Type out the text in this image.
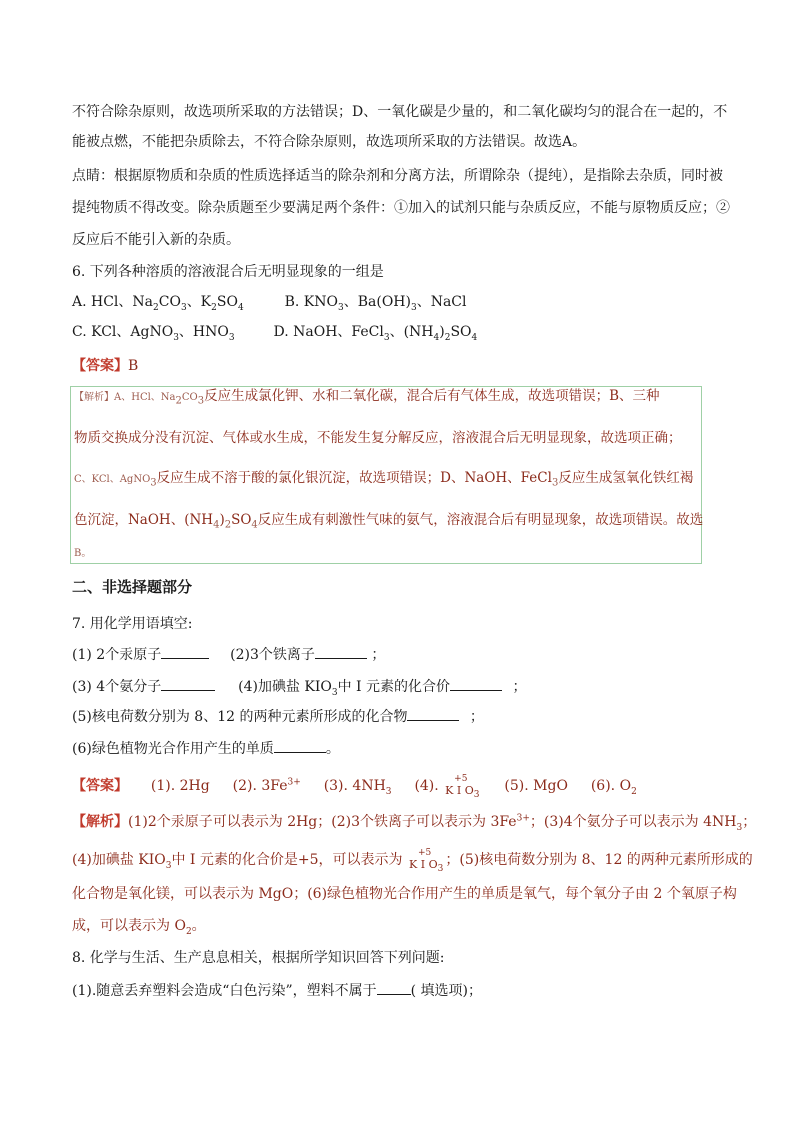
不符合除杂原则，故选项所采取的方法错误；D、一氧化碳是少量的，和二氧化碳均匀的混合在一起的，不
能被点燃，不能把杂质除去，不符合除杂原则，故选项所采取的方法错误。故选A。
点睛：根据原物质和杂质的性质选择适当的除杂剂和分离方法，所谓除杂（提纯），是指除去杂质，同时被
提纯物质不得改变。除杂质题至少要满足两个条件：①加入的试剂只能与杂质反应，不能与原物质反应；②
反应后不能引入新的杂质。
6. 下列各种溶质的溶液混合后无明显现象的一组是
A. HCl、$Na_2CO_3$、$K_2SO_4$	B. $KNO_3$、$Ba(OH)_3$、NaCl
C. KCl、AgNO$_3$、$HNO_3$	D. NaOH、FeCl$_3$、$(NH_4)_2SO_4$
【答案】B
【解析】A、HCl、$Na_2CO_3$反应生成氯化钾、水和二氧化碳，混合后有气体生成，故选项错误；B、三种
物质交换成分没有沉淀、气体或水生成，不能发生复分解反应，溶液混合后无明显现象，故选项正确；
C、KCl、AgNO$_3$反应生成不溶于酸的氯化银沉淀，故选项错误；D、NaOH、FeCl$_3$反应生成氢氧化铁红褐
色沉淀，NaOH、$(NH_4)_2SO_4$反应生成有刺激性气味的氨气，溶液混合后有明显现象，故选项错误。故选
B。
二、非选择题部分
7. 用化学用语填空:
(1) 2个汞原子	(2)3个铁离子	；
(3) 4个氨分子	(4)加碘盐 $KIO_3$中 I 元素的化合价	；
(5)核电荷数分别为 8、12 的两种元素所形成的化合物	；
(6)绿色植物光合作用产生的单质	。
【答案】 (1). 2Hg (2). $3Fe^{3+}$ (3). $4NH_3$ (4). +5
K I $O_3$  (5). MgO (6). $O_2$
【解析】(1)2个汞原子可以表示为 2Hg；(2)3个铁离子可以表示为 $3Fe^{3+}$；(3)4个氨分子可以表示为 $4NH_3$；
(4)加碘盐 $KIO_3$中 I 元素的化合价是+5，可以表示为 +5
K I $O_3$；(5)核电荷数分别为 8、12 的两种元素所形成的
化合物是氧化镁，可以表示为 MgO；(6)绿色植物光合作用产生的单质是氧气，每个氧分子由 2 个氧原子构
成，可以表示为 $O_2$。
8. 化学与生活、生产息息相关，根据所学知识回答下列问题:
(1).随意丢弃塑料会造成“白色污染”，塑料不属于 ( 填选项)；
